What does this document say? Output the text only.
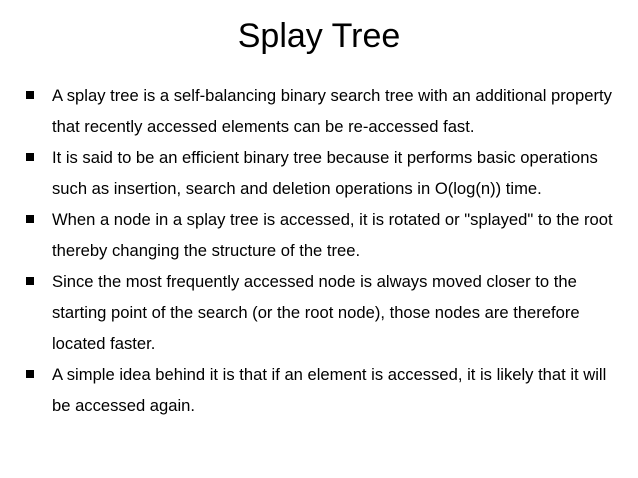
Splay Tree
A splay tree is a self-balancing binary search tree with an additional property that recently accessed elements can be re-accessed fast.
It is said to be an efficient binary tree because it performs basic operations such as insertion, search and deletion operations in O(log(n)) time.
When a node in a splay tree is accessed, it is rotated or "splayed" to the root thereby changing the structure of the tree.
Since the most frequently accessed node is always moved closer to the starting point of the search (or the root node), those nodes are therefore located faster.
A simple idea behind it is that if an element is accessed, it is likely that it will be accessed again.
